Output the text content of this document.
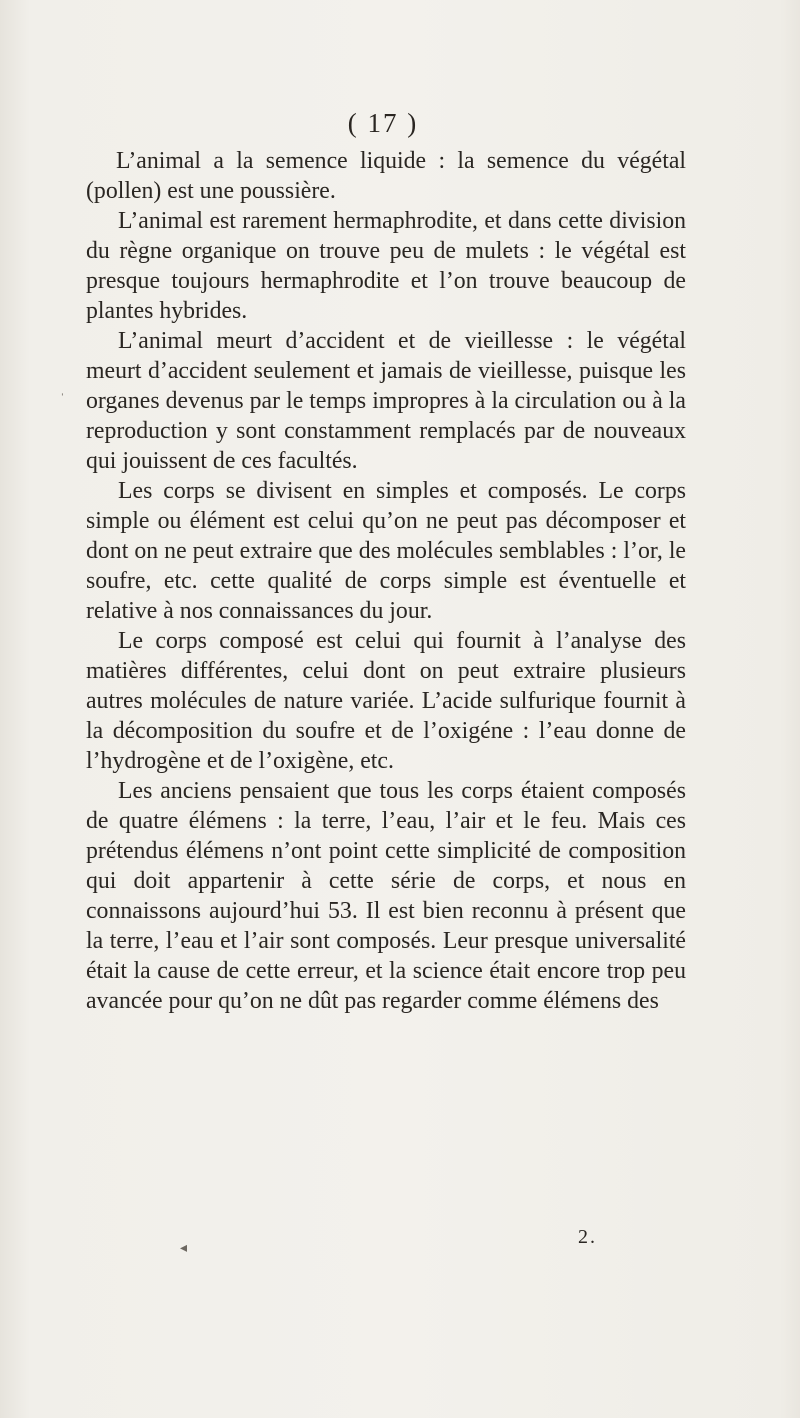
( 17 )

L’animal a la semence liquide : la semence du végétal (pollen) est une poussière.

L’animal est rarement hermaphrodite, et dans cette division du règne organique on trouve peu de mulets : le végétal est presque toujours hermaphrodite et l’on trouve beaucoup de plantes hybrides.

L’animal meurt d’accident et de vieillesse : le végétal meurt d’accident seulement et jamais de vieillesse, puisque les organes devenus par le temps impropres à la circulation ou à la reproduction y sont constamment remplacés par de nouveaux qui jouissent de ces facultés.

Les corps se divisent en simples et composés. Le corps simple ou élément est celui qu’on ne peut pas décomposer et dont on ne peut extraire que des molécules semblables : l’or, le soufre, etc. cette qualité de corps simple est éventuelle et relative à nos connaissances du jour.

Le corps composé est celui qui fournit à l’analyse des matières différentes, celui dont on peut extraire plusieurs autres molécules de nature variée. L’acide sulfurique fournit à la décomposition du soufre et de l’oxigéne : l’eau donne de l’hydrogène et de l’oxigène, etc.

Les anciens pensaient que tous les corps étaient composés de quatre élémens : la terre, l’eau, l’air et le feu. Mais ces prétendus élémens n’ont point cette simplicité de composition qui doit appartenir à cette série de corps, et nous en connaissons aujourd’hui 53. Il est bien reconnu à présent que la terre, l’eau et l’air sont composés. Leur presque universalité était la cause de cette erreur, et la science était encore trop peu avancée pour qu’on ne dût pas regarder comme élémens des

2.
◂
ˈ
